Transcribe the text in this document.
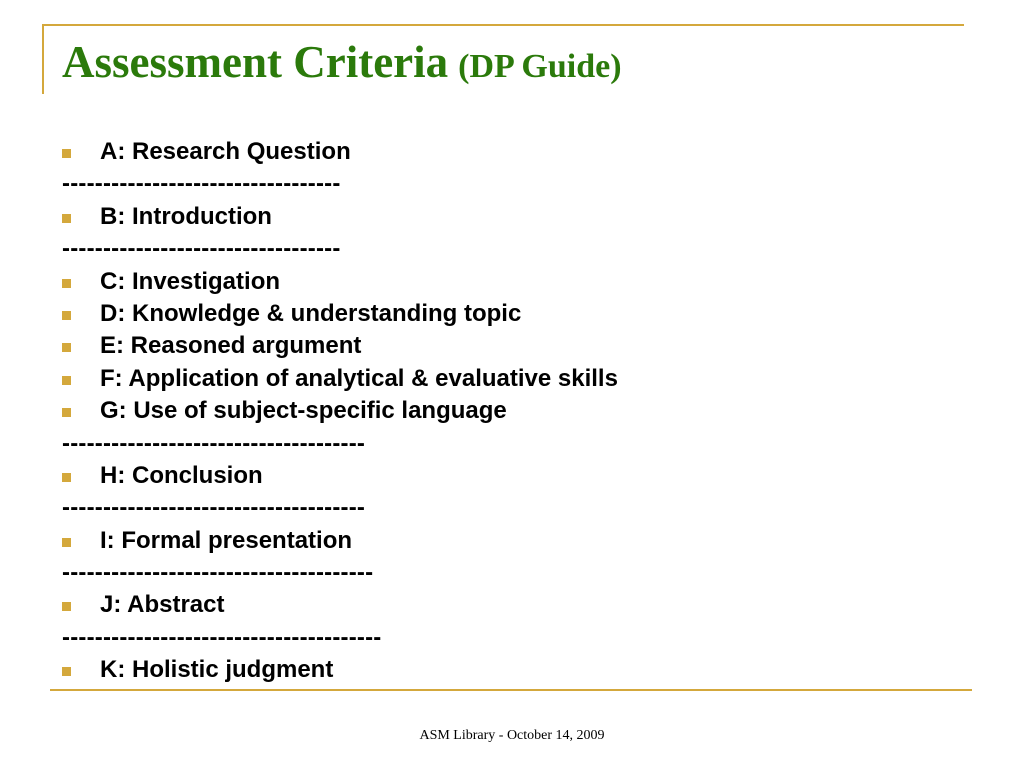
Assessment Criteria (DP Guide)
A: Research Question
----------------------------------
B: Introduction
----------------------------------
C: Investigation
D: Knowledge & understanding topic
E: Reasoned argument
F: Application of analytical & evaluative skills
G: Use of subject-specific language
-------------------------------------
H: Conclusion
-------------------------------------
I: Formal presentation
--------------------------------------
J: Abstract
---------------------------------------
K: Holistic judgment
ASM Library - October 14, 2009
